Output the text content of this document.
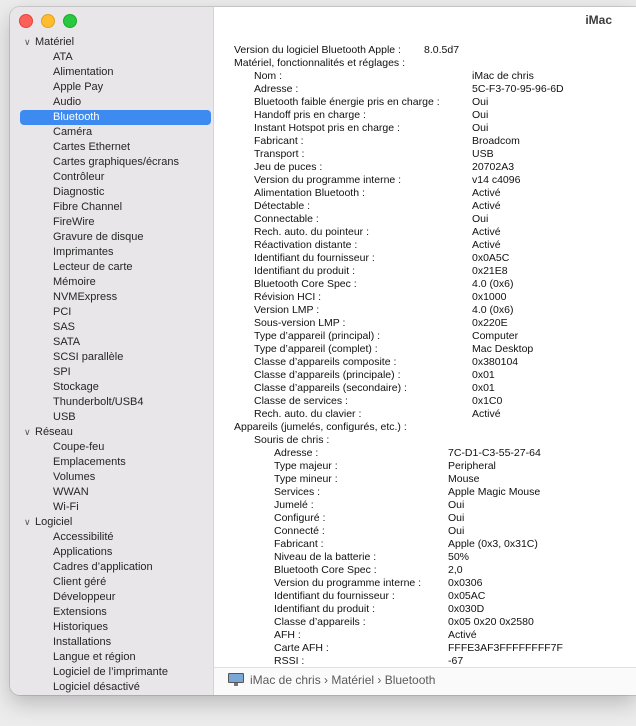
∨ Matériel
ATA
Alimentation
Apple Pay
Audio
Bluetooth
Caméra
Cartes Ethernet
Cartes graphiques/écrans
Contrôleur
Diagnostic
Fibre Channel
FireWire
Gravure de disque
Imprimantes
Lecteur de carte
Mémoire
NVMExpress
PCI
SAS
SATA
SCSI parallèle
SPI
Stockage
Thunderbolt/USB4
USB
∨ Réseau
Coupe-feu
Emplacements
Volumes
WWAN
Wi-Fi
∨ Logiciel
Accessibilité
Applications
Cadres d’application
Client géré
Développeur
Extensions
Historiques
Installations
Langue et région
Logiciel de l’imprimante
Logiciel désactivé
iMac
Version du logiciel Bluetooth Apple : 8.0.5d7
Matériel, fonctionnalités et réglages :
Nom :	iMac de chris
Adresse :	5C-F3-70-95-96-6D
Bluetooth faible énergie pris en charge :	Oui
Handoff pris en charge :	Oui
Instant Hotspot pris en charge :	Oui
Fabricant :	Broadcom
Transport :	USB
Jeu de puces :	20702A3
Version du programme interne :	v14 c4096
Alimentation Bluetooth :	Activé
Détectable :	Activé
Connectable :	Oui
Rech. auto. du pointeur :	Activé
Réactivation distante :	Activé
Identifiant du fournisseur :	0x0A5C
Identifiant du produit :	0x21E8
Bluetooth Core Spec :	4.0 (0x6)
Révision HCI :	0x1000
Version LMP :	4.0 (0x6)
Sous-version LMP :	0x220E
Type d’appareil (principal) :	Computer
Type d’appareil (complet) :	Mac Desktop
Classe d’appareils composite :	0x380104
Classe d’appareils (principale) :	0x01
Classe d’appareils (secondaire) :	0x01
Classe de services :	0x1C0
Rech. auto. du clavier :	Activé
Appareils (jumelés, configurés, etc.) :
Souris de chris :
Adresse :	7C-D1-C3-55-27-64
Type majeur :	Peripheral
Type mineur :	Mouse
Services :	Apple Magic Mouse
Jumelé :	Oui
Configuré :	Oui
Connecté :	Oui
Fabricant :	Apple (0x3, 0x31C)
Niveau de la batterie :	50%
Bluetooth Core Spec :	2,0
Version du programme interne :	0x0306
Identifiant du fournisseur :	0x05AC
Identifiant du produit :	0x030D
Classe d’appareils :	0x05 0x20 0x2580
AFH :	Activé
Carte AFH :	FFFE3AF3FFFFFFFF7F
RSSI :	-67
iMac de chris › Matériel › Bluetooth
